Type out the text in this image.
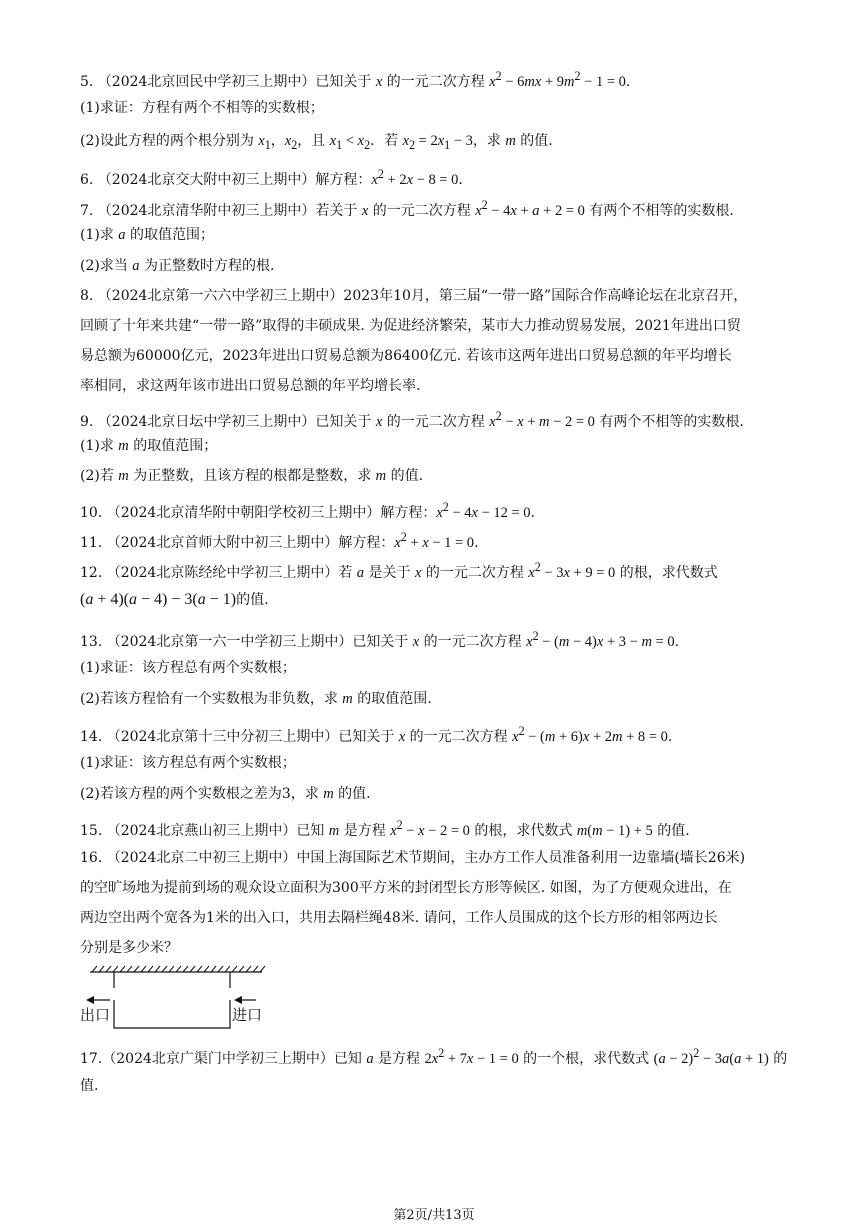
5. （2024北京回民中学初三上期中）已知关于 x 的一元二次方程 $x^2 - 6mx + 9m^2 - 1 = 0$.
(1)求证：方程有两个不相等的实数根；
(2)设此方程的两个根分别为 $x_1$，$x_2$，且 $x_1 < x_2$．若 $x_2 = 2x_1 - 3$，求 m 的值.
6. （2024北京交大附中初三上期中）解方程：$x^2 + 2x - 8 = 0$．
7. （2024北京清华附中初三上期中）若关于 x 的一元二次方程 $x^2 - 4x + a + 2 = 0$ 有两个不相等的实数根.
(1)求 a 的取值范围；
(2)求当 a 为正整数时方程的根.
8. （2024北京第一六六中学初三上期中）2023年10月，第三届“一带一路”国际合作高峰论坛在北京召开，
回顾了十年来共建“一带一路”取得的丰硕成果. 为促进经济繁荣，某市大力推动贸易发展，2021年进出口贸
易总额为60000亿元，2023年进出口贸易总额为86400亿元. 若该市这两年进出口贸易总额的年平均增长
率相同，求这两年该市进出口贸易总额的年平均增长率.
9. （2024北京日坛中学初三上期中）已知关于 x 的一元二次方程 $x^2 - x + m - 2 = 0$ 有两个不相等的实数根.
(1)求 m 的取值范围；
(2)若 m 为正整数，且该方程的根都是整数，求 m 的值.
10. （2024北京清华附中朝阳学校初三上期中）解方程：$x^2 - 4x - 12 = 0$.
11. （2024北京首师大附中初三上期中）解方程：$x^2 + x - 1 = 0$.
12. （2024北京陈经纶中学初三上期中）若 a 是关于 x 的一元二次方程 $x^2 - 3x + 9 = 0$ 的根，求代数式
(a + 4)(a − 4) − 3(a − 1)的值.
13. （2024北京第一六一中学初三上期中）已知关于 x 的一元二次方程 $x^2 - (m - 4)x + 3 - m = 0$.
(1)求证：该方程总有两个实数根；
(2)若该方程恰有一个实数根为非负数，求 m 的取值范围.
14. （2024北京第十三中分初三上期中）已知关于 x 的一元二次方程 $x^2 - (m + 6)x + 2m + 8 = 0$.
(1)求证：该方程总有两个实数根；
(2)若该方程的两个实数根之差为3，求 m 的值.
15. （2024北京燕山初三上期中）已知 m 是方程 $x^2 - x - 2 = 0$ 的根，求代数式 m(m − 1) + 5 的值.
16. （2024北京二中初三上期中）中国上海国际艺术节期间，主办方工作人员准备利用一边靠墙(墙长26米)
的空旷场地为提前到场的观众设立面积为300平方米的封闭型长方形等候区. 如图，为了方便观众进出，在
两边空出两个宽各为1米的出入口，共用去隔栏绳48米. 请问，工作人员围成的这个长方形的相邻两边长
分别是多少米？
17.（2024北京广渠门中学初三上期中）已知 a 是方程 $2x^2 + 7x - 1 = 0$ 的一个根，求代数式 $(a - 2)^2 - 3a(a + 1)$ 的
值.
出口	进口
第2页/共13页
